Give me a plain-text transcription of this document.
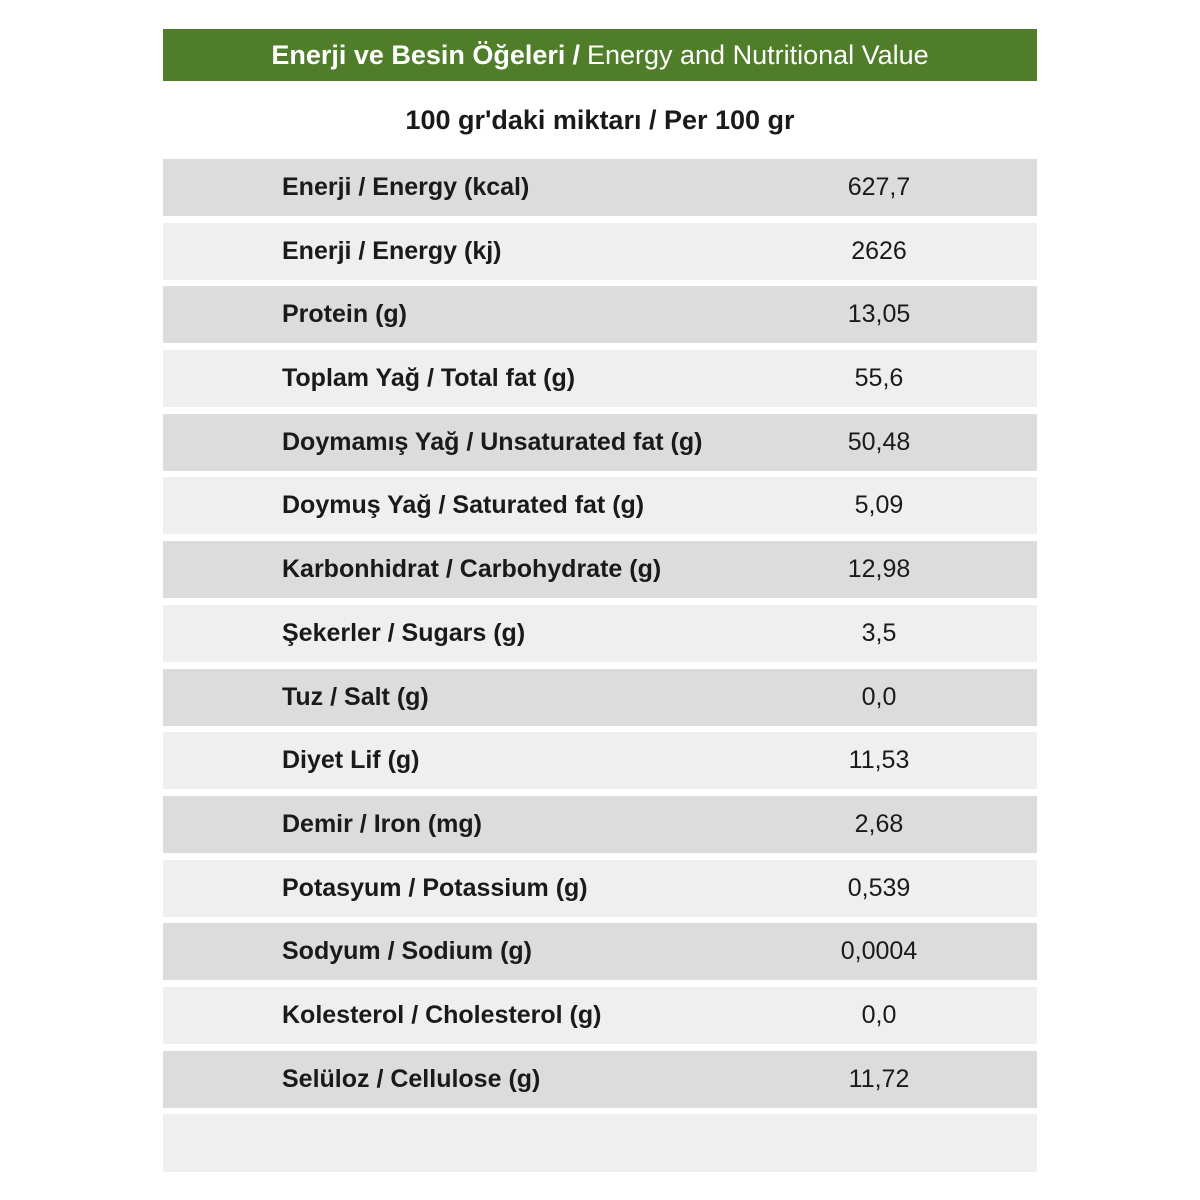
Enerji ve Besin Öğeleri / Energy and Nutritional Value
100 gr'daki miktarı / Per 100 gr
Enerji / Energy (kcal)	627,7
Enerji / Energy (kj)	2626
Protein (g)	13,05
Toplam Yağ / Total fat (g)	55,6
Doymamış Yağ / Unsaturated fat (g)	50,48
Doymuş Yağ / Saturated fat (g)	5,09
Karbonhidrat / Carbohydrate (g)	12,98
Şekerler / Sugars (g)	3,5
Tuz / Salt (g)	0,0
Diyet Lif (g)	11,53
Demir / Iron (mg)	2,68
Potasyum / Potassium (g)	0,539
Sodyum / Sodium (g)	0,0004
Kolesterol / Cholesterol (g)	0,0
Selüloz / Cellulose (g)	11,72
